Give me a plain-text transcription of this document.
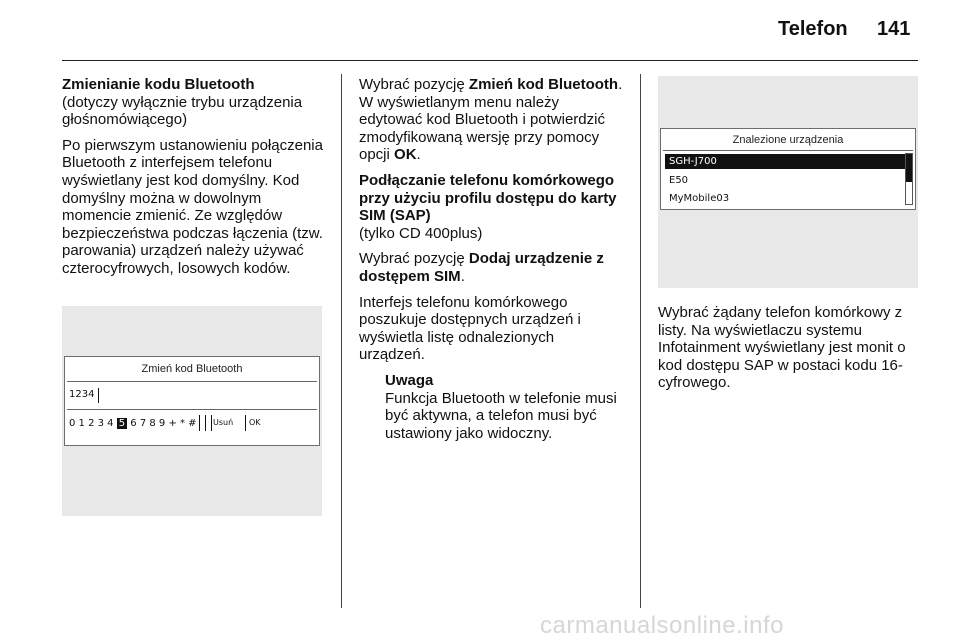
Telefon 141

Zmienianie kodu Bluetooth

(dotyczy wyłącznie trybu urządzenia głośnomówiącego)

Po pierwszym ustanowieniu połączenia Bluetooth z interfejsem telefonu wyświetlany jest kod domyślny. Kod domyślny można w dowolnym momencie zmienić. Ze względów bezpieczeństwa podczas łączenia (tzw. parowania) urządzeń należy używać czterocyfrowych, losowych kodów.

Zmień kod Bluetooth
1234
0 1 2 3 4 5 6 7 8 9 + * # Usuń OK

Wybrać pozycję Zmień kod Bluetooth. W wyświetlanym menu należy edytować kod Bluetooth i potwierdzić zmodyfikowaną wersję przy pomocy opcji OK.

Podłączanie telefonu komórkowego przy użyciu profilu dostępu do karty SIM (SAP)

(tylko CD 400plus)

Wybrać pozycję Dodaj urządzenie z dostępem SIM.

Interfejs telefonu komórkowego poszukuje dostępnych urządzeń i wyświetla listę odnalezionych urządzeń.

Uwaga

Funkcja Bluetooth w telefonie musi być aktywna, a telefon musi być ustawiony jako widoczny.

Znalezione urządzenia
SGH-J700
E50
MyMobile03

Wybrać żądany telefon komórkowy z listy. Na wyświetlaczu systemu Infotainment wyświetlany jest monit o kod dostępu SAP w postaci kodu 16-cyfrowego.

carmanualsonline.info
